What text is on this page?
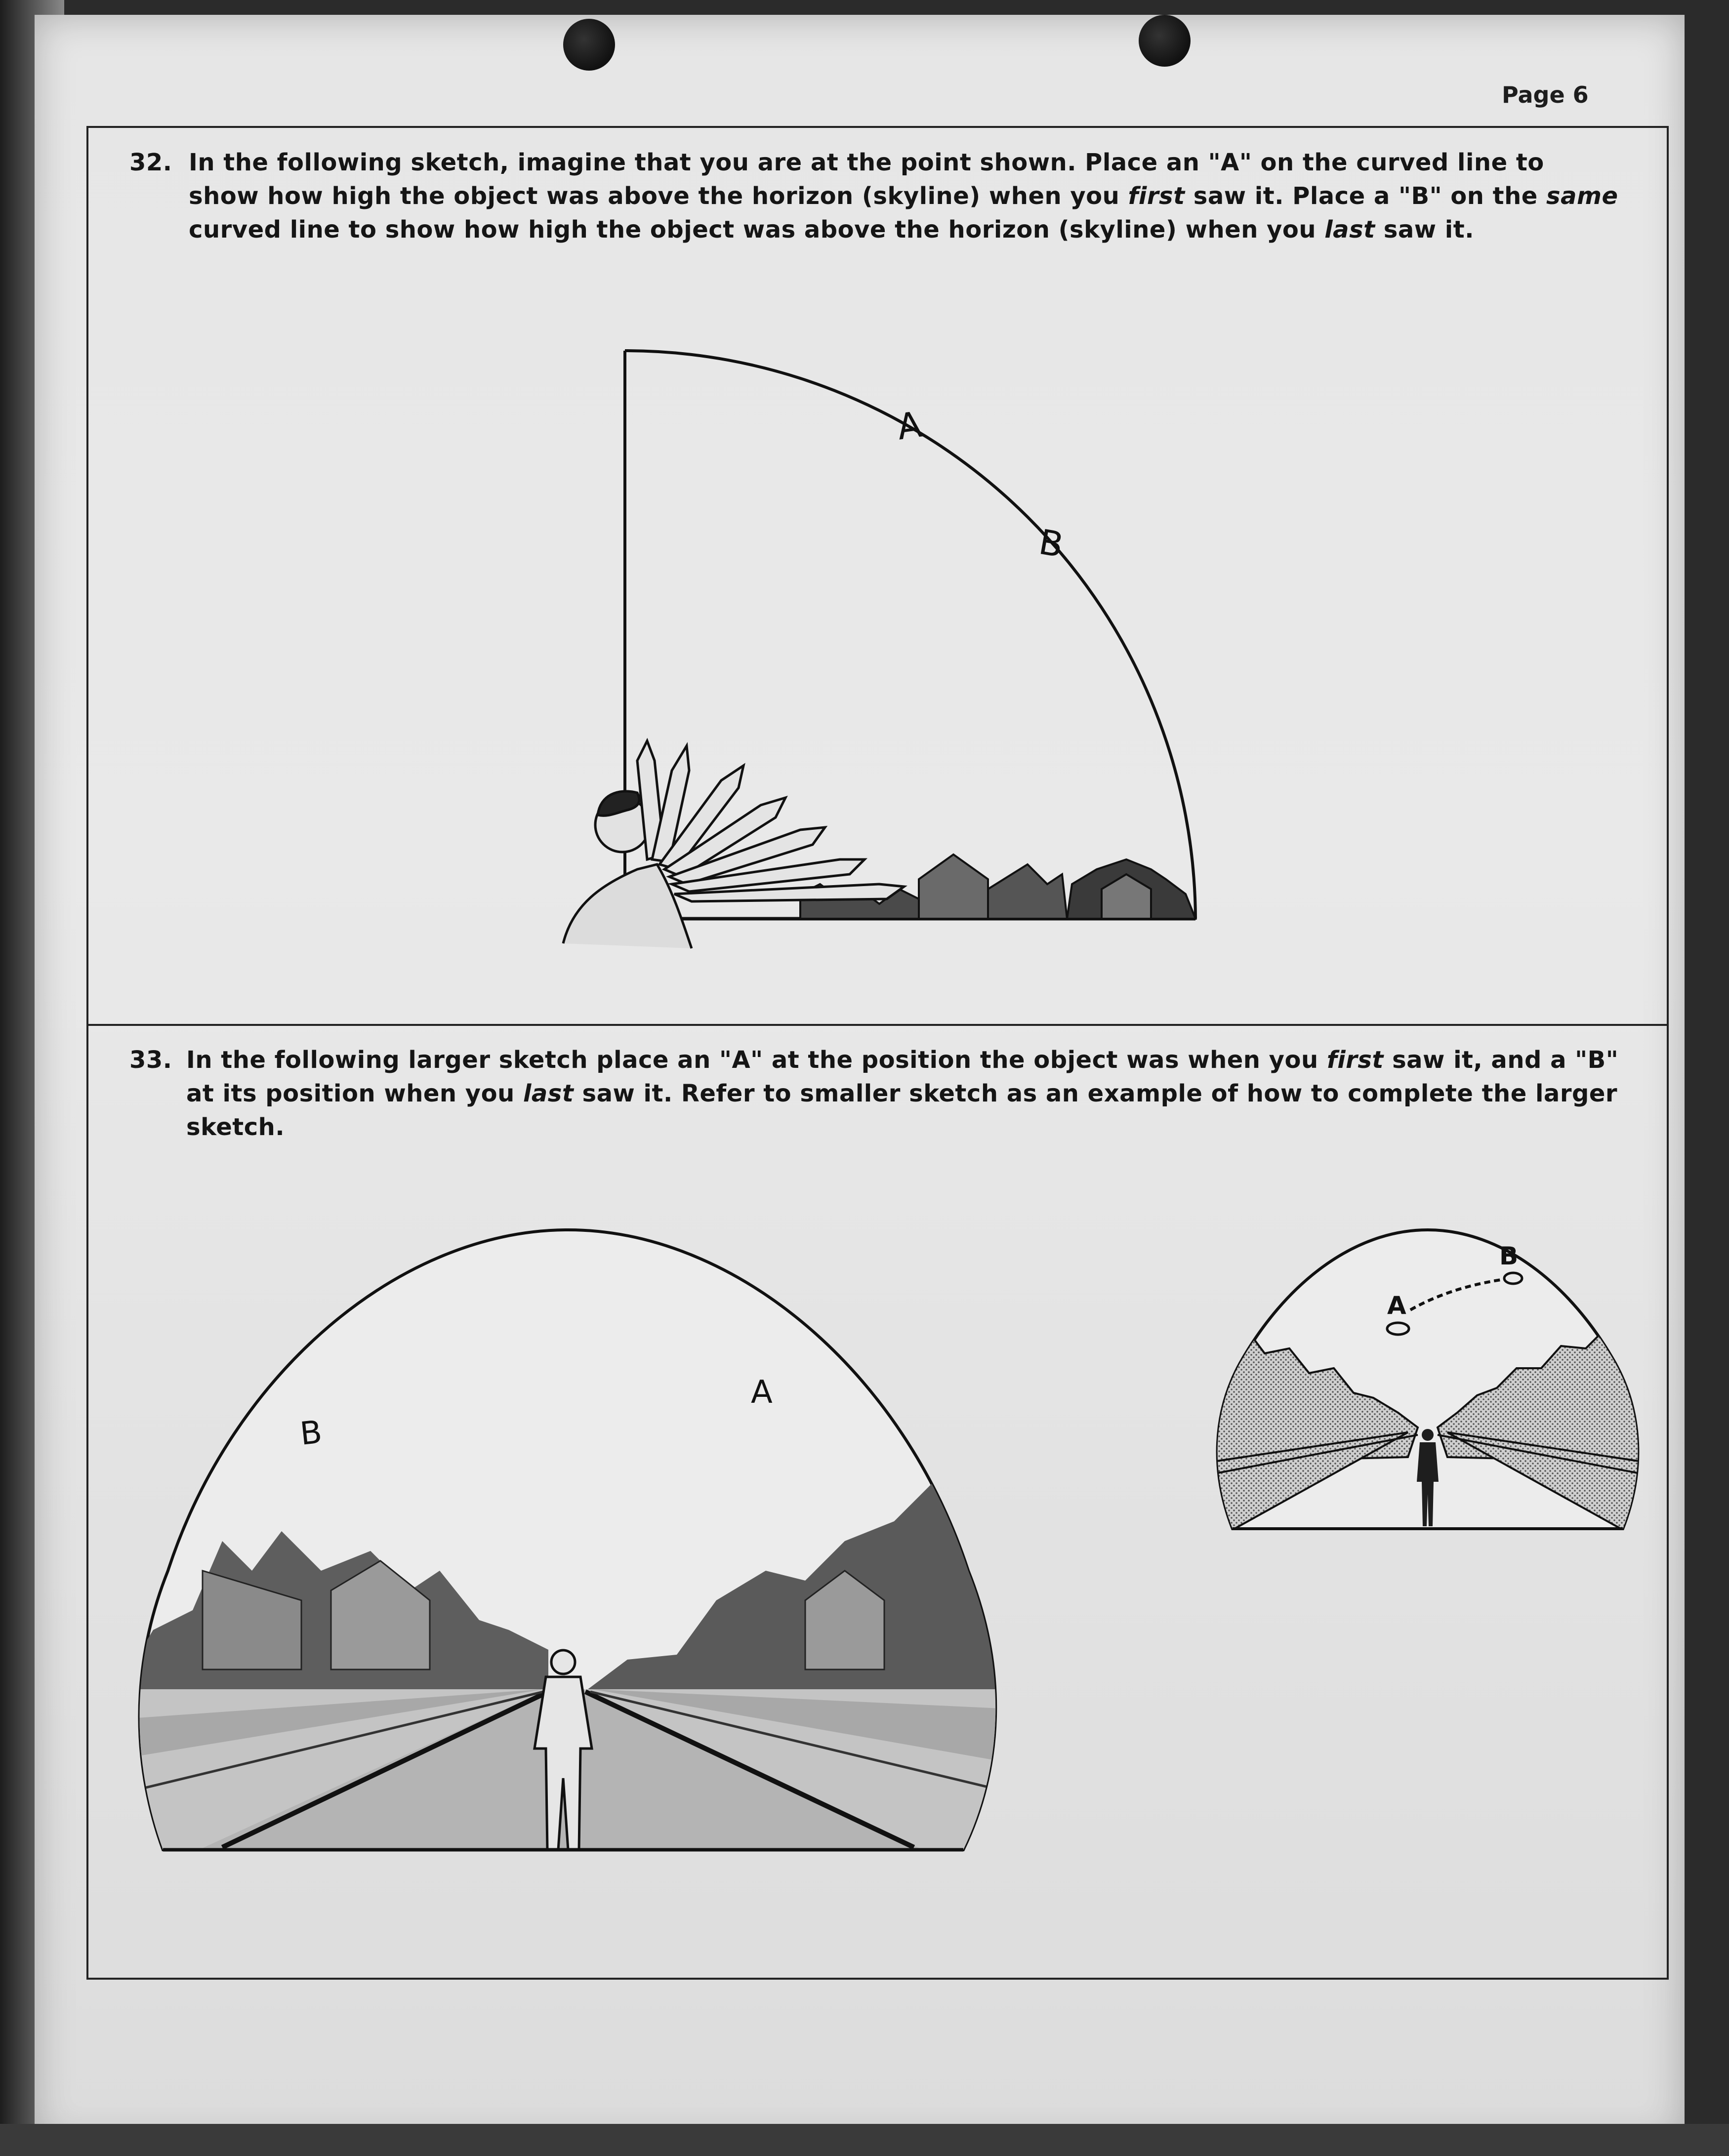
Page 6
32. In the following sketch, imagine that you are at the point shown. Place an "A" on the curved line to show how high the object was above the horizon (skyline) when you first saw it. Place a "B" on the same curved line to show how high the object was above the horizon (skyline) when you last saw it.
A
B
33. In the following larger sketch place an "A" at the position the object was when you first saw it, and a "B" at its position when you last saw it. Refer to smaller sketch as an example of how to complete the larger sketch.
A
B
A
B
